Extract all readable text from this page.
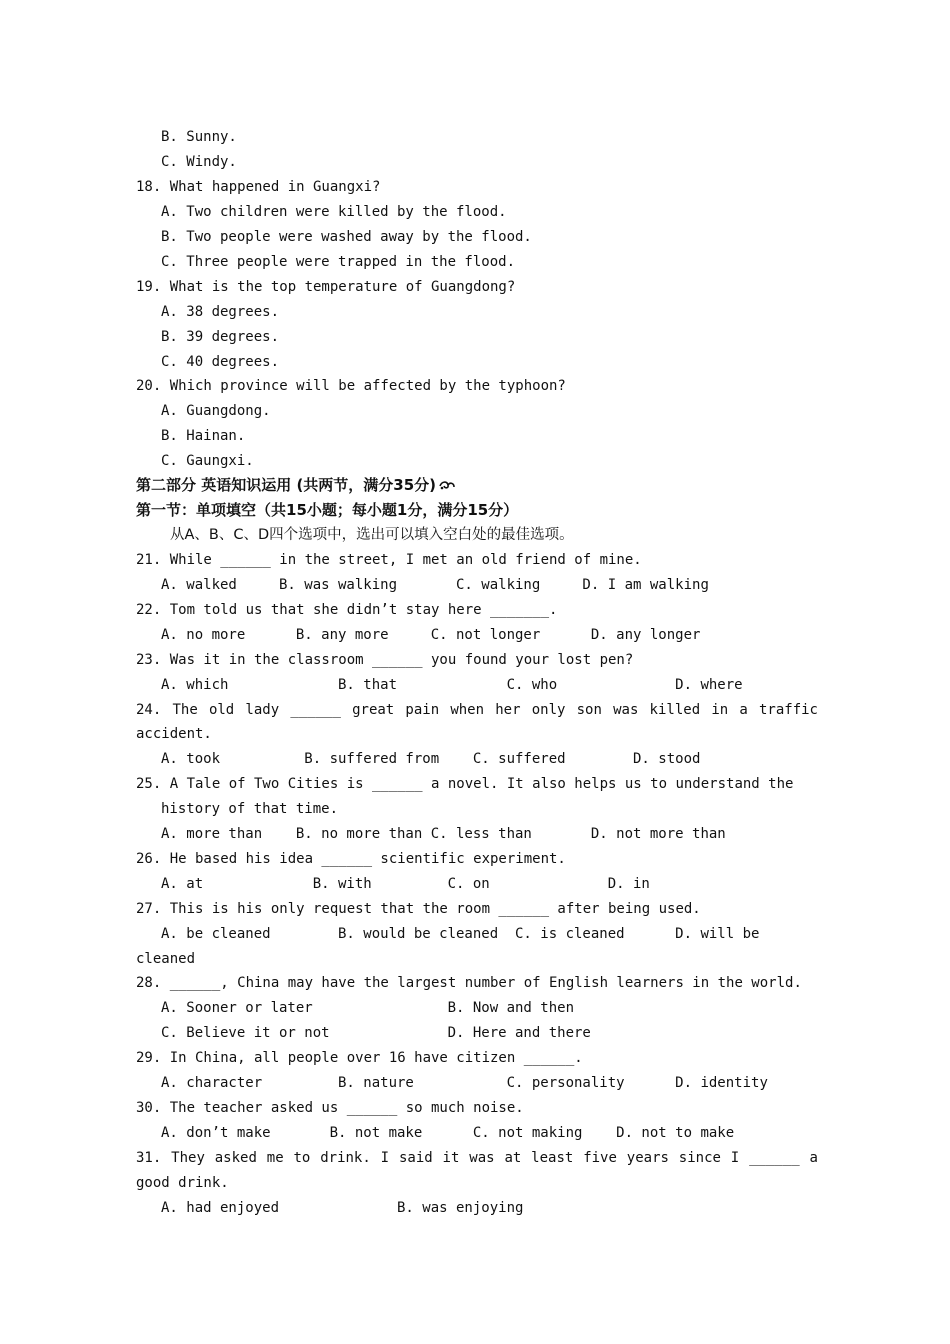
B. Sunny.
C. Windy.
18. What happened in Guangxi?
A. Two children were killed by the flood.
B. Two people were washed away by the flood.
C. Three people were trapped in the flood.
19. What is the top temperature of Guangdong?
A. 38 degrees.
B. 39 degrees.
C. 40 degrees.
20. Which province will be affected by the typhoon?
A. Guangdong.
B. Hainan.
C. Gaungxi.
第二部分 英语知识运用 (共两节，满分35分)
第一节：单项填空（共15小题；每小题1分，满分15分）
从A、B、C、D四个选项中，选出可以填入空白处的最佳选项。
21. While ______ in the street, I met an old friend of mine.
A. walked     B. was walking       C. walking     D. I am walking
22. Tom told us that she didn’t stay here _______.
A. no more      B. any more     C. not longer      D. any longer
23. Was it in the classroom ______ you found your lost pen?
A. which             B. that             C. who              D. where
24. The old lady ______ great pain when her only son was killed in a traffic
accident.
A. took          B. suffered from    C. suffered        D. stood
25. A Tale of Two Cities is ______ a novel. It also helps us to understand the
history of that time.
A. more than    B. no more than C. less than       D. not more than
26. He based his idea ______ scientific experiment.
A. at             B. with         C. on              D. in
27. This is his only request that the room ______ after being used.
A. be cleaned        B. would be cleaned  C. is cleaned      D. will be
cleaned
28. ______, China may have the largest number of English learners in the world.
A. Sooner or later                B. Now and then
C. Believe it or not              D. Here and there
29. In China, all people over 16 have citizen ______.
A. character         B. nature           C. personality      D. identity
30. The teacher asked us ______ so much noise.
A. don’t make       B. not make      C. not making    D. not to make
31. They asked me to drink. I said it was at least five years since I ______ a
good drink.
A. had enjoyed              B. was enjoying
